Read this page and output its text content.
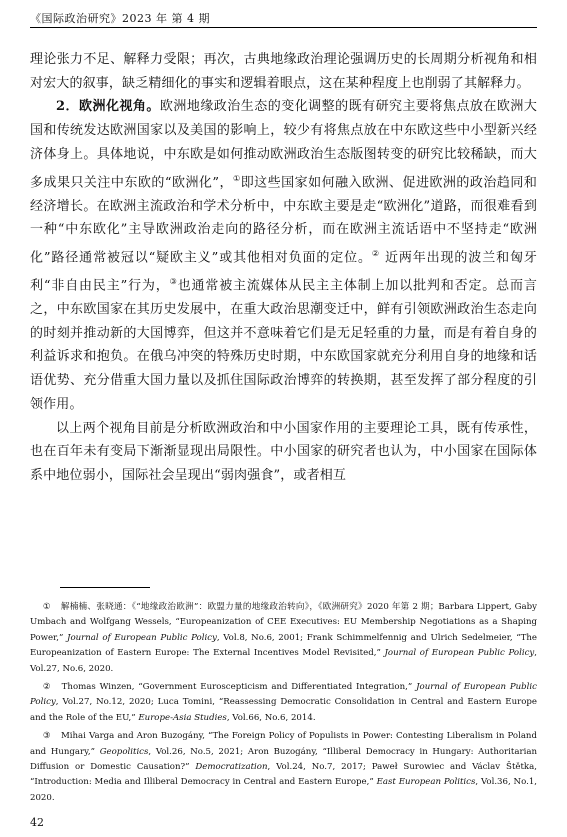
《国际政治研究》2023 年 第 4 期

理论张力不足、解释力受限；再次，古典地缘政治理论强调历史的长周期分析视角和相对宏大的叙事，缺乏精细化的事实和逻辑着眼点，这在某种程度上也削弱了其解释力。

2．欧洲化视角。欧洲地缘政治生态的变化调整的既有研究主要将焦点放在欧洲大国和传统发达欧洲国家以及美国的影响上，较少有将焦点放在中东欧这些中小型新兴经济体身上。具体地说，中东欧是如何推动欧洲政治生态版图转变的研究比较稀缺，而大多成果只关注中东欧的“欧洲化”，①即这些国家如何融入欧洲、促进欧洲的政治趋同和经济增长。在欧洲主流政治和学术分析中，中东欧主要是走“欧洲化”道路，而很难看到一种“中东欧化”主导欧洲政治走向的路径分析，而在欧洲主流话语中不坚持走“欧洲化”路径通常被冠以“疑欧主义”或其他相对负面的定位。② 近两年出现的波兰和匈牙利“非自由民主”行为，③也通常被主流媒体从民主主体制上加以批判和否定。总而言之，中东欧国家在其历史发展中，在重大政治思潮变迁中，鲜有引领欧洲政治生态走向的时刻并推动新的大国博弈，但这并不意味着它们是无足轻重的力量，而是有着自身的利益诉求和抱负。在俄乌冲突的特殊历史时期，中东欧国家就充分利用自身的地缘和话语优势、充分借重大国力量以及抓住国际政治博弈的转换期，甚至发挥了部分程度的引领作用。

以上两个视角目前是分析欧洲政治和中小国家作用的主要理论工具，既有传承性，也在百年未有变局下渐渐显现出局限性。中小国家的研究者也认为，中小国家在国际体系中地位弱小，国际社会呈现出“弱肉强食”，或者相互

① 解楠楠、张晓通：《“地缘政治欧洲”：欧盟力量的地缘政治转向》，《欧洲研究》2020 年第 2 期；Barbara Lippert, Gaby Umbach and Wolfgang Wessels, “Europeanization of CEE Executives: EU Membership Negotiations as a Shaping Power,” Journal of European Public Policy, Vol.8, No.6, 2001; Frank Schimmelfennig and Ulrich Sedelmeier, “The Europeanization of Eastern Europe: The External Incentives Model Revisited,” Journal of European Public Policy, Vol.27, No.6, 2020.

② Thomas Winzen, “Government Euroscepticism and Differentiated Integration,” Journal of European Public Policy, Vol.27, No.12, 2020; Luca Tomini, “Reassessing Democratic Consolidation in Central and Eastern Europe and the Role of the EU,” Europe-Asia Studies, Vol.66, No.6, 2014.

③ Mihai Varga and Aron Buzogány, “The Foreign Policy of Populists in Power: Contesting Liberalism in Poland and Hungary,” Geopolitics, Vol.26, No.5, 2021; Aron Buzogány, “Illiberal Democracy in Hungary: Authoritarian Diffusion or Domestic Causation?” Democratization, Vol.24, No.7, 2017; Paweł Surowiec and Václav Štětka, “Introduction: Media and Illiberal Democracy in Central and Eastern Europe,” East European Politics, Vol.36, No.1, 2020.

42
